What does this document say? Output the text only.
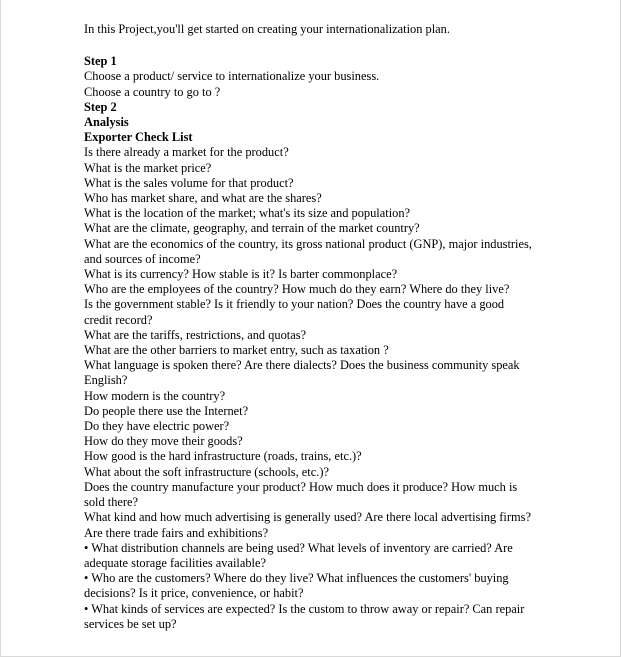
In this Project,you'll get started on creating your internationalization plan.

Step 1

Choose a product/ service to internationalize your business.

Choose a country to go to ?

Step 2

Analysis

Exporter Check List

Is there already a market for the product?

What is the market price?

What is the sales volume for that product?

Who has market share, and what are the shares?

What is the location of the market; what's its size and population?

What are the climate, geography, and terrain of the market country?

What are the economics of the country, its gross national product (GNP), major industries, and sources of income?

What is its currency? How stable is it? Is barter commonplace?

Who are the employees of the country? How much do they earn? Where do they live?

Is the government stable? Is it friendly to your nation? Does the country have a good credit record?

What are the tariffs, restrictions, and quotas?

What are the other barriers to market entry, such as taxation ?

What language is spoken there? Are there dialects? Does the business community speak English?

How modern is the country?

Do people there use the Internet?

Do they have electric power?

How do they move their goods?

How good is the hard infrastructure (roads, trains, etc.)?

What about the soft infrastructure (schools, etc.)?

Does the country manufacture your product? How much does it produce? How much is sold there?

What kind and how much advertising is generally used? Are there local advertising firms? Are there trade fairs and exhibitions?

• What distribution channels are being used? What levels of inventory are carried? Are adequate storage facilities available?

• Who are the customers? Where do they live? What influences the customers' buying decisions? Is it price, convenience, or habit?

• What kinds of services are expected? Is the custom to throw away or repair? Can repair services be set up?
